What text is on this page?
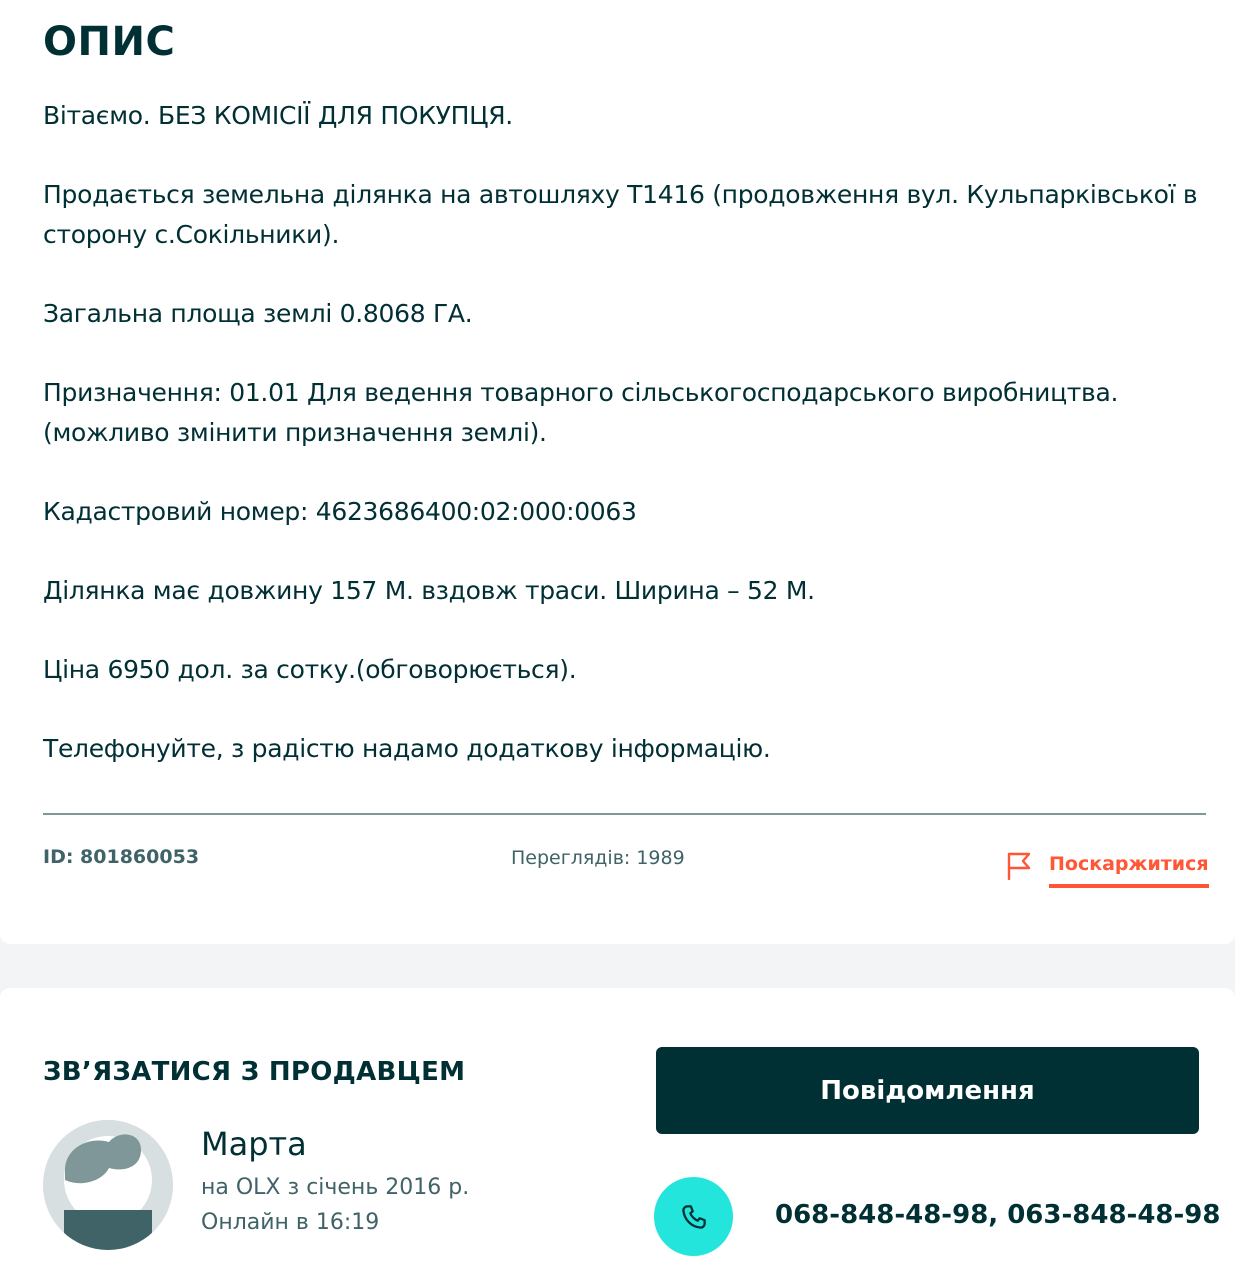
ОПИС

Вітаємо. БЕЗ КОМІСІЇ ДЛЯ ПОКУПЦЯ.

Продається земельна ділянка на автошляху Т1416 (продовження вул. Кульпарківської в сторону с.Сокільники).

Загальна площа землі 0.8068 ГА.

Призначення: 01.01 Для ведення товарного сільськогосподарського виробництва. (можливо змінити призначення землі).

Кадастровий номер: 4623686400:02:000:0063

Ділянка має довжину 157 М. вздовж траси. Ширина – 52 М.

Ціна 6950 дол. за сотку.(обговорюється).

Телефонуйте, з радістю надамо додаткову інформацію.

ID: 801860053	Переглядів: 1989	Поскаржитися
ЗВ’ЯЗАТИСЯ З ПРОДАВЦЕМ
Марта
на OLX з січень 2016 р.
Онлайн в 16:19
Повідомлення
068-848-48-98, 063-848-48-98
